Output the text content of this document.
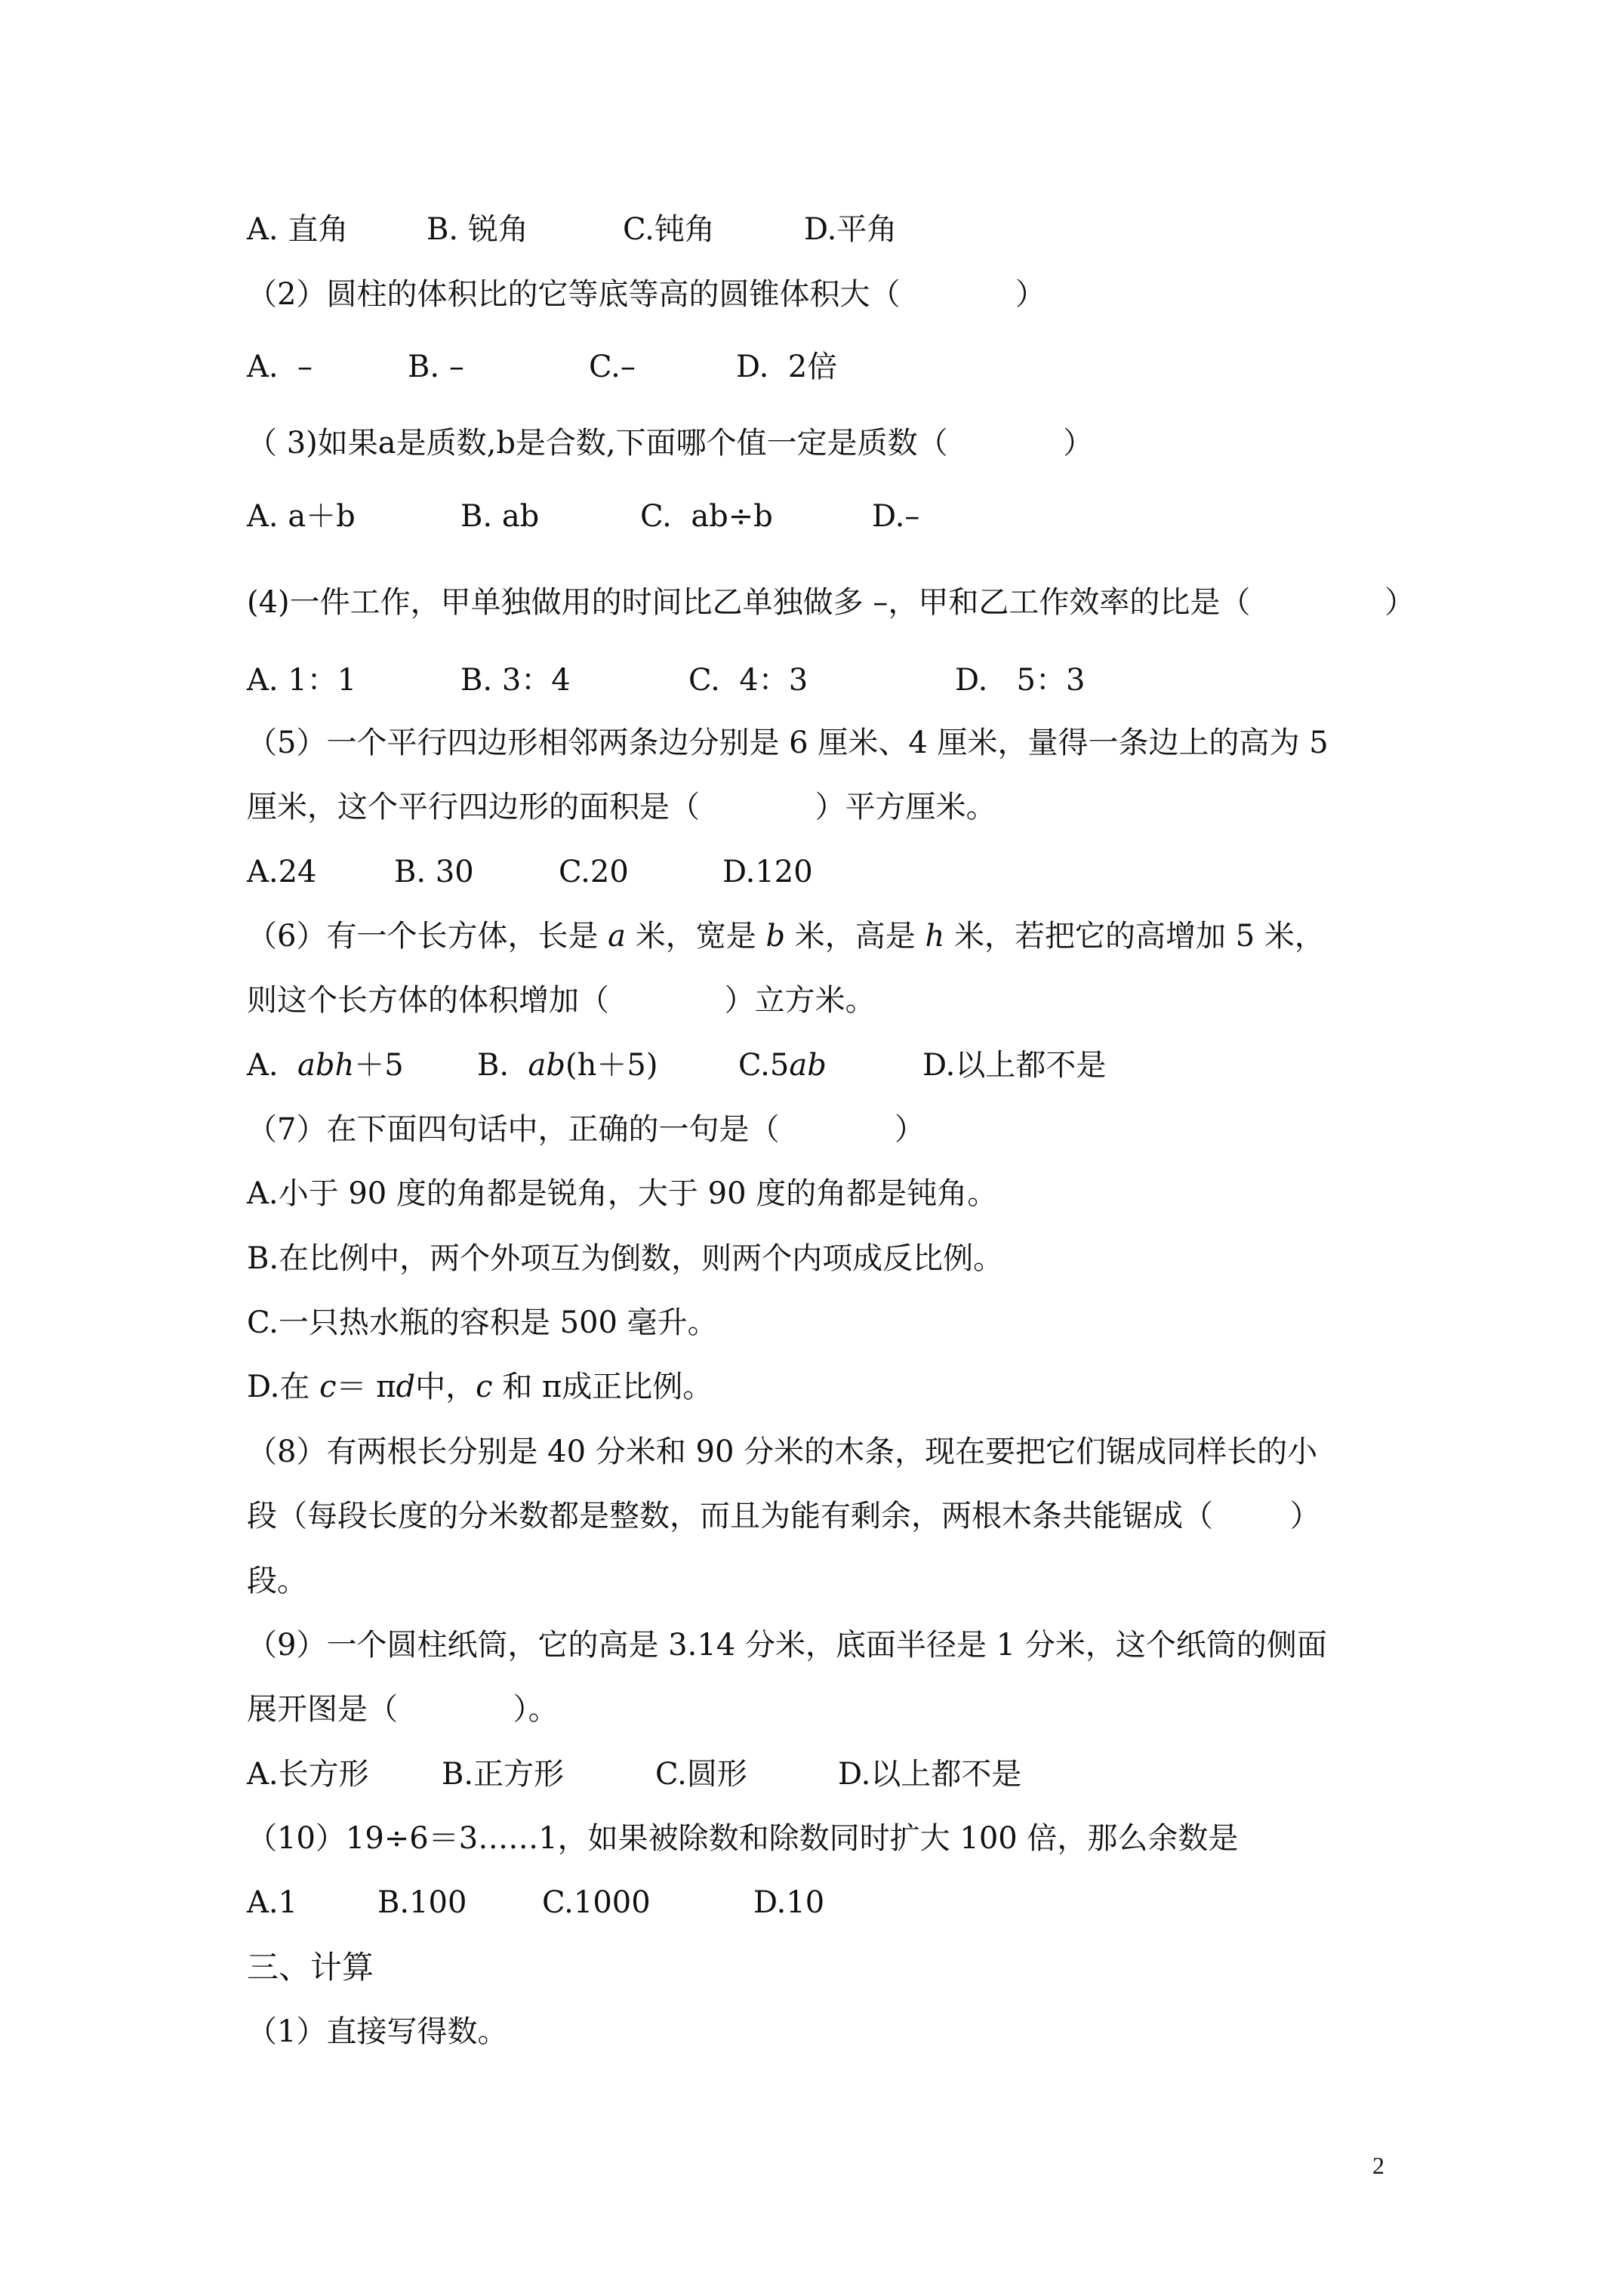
A. 直角	B. 锐角	C.钝角	D.平角
（2）圆柱的体积比的它等底等高的圆锥体积大（            ）
A.  –	B. –	C.–	D.  2倍
（ 3)如果a是质数,b是合数,下面哪个值一定是质数（            ）
A. a＋b	B. ab	C.  ab÷b	D.–
(4)一件工作，甲单独做用的时间比乙单独做多 –，甲和乙工作效率的比是（              ）
A. 1：1	B. 3：4	C.  4：3	D.   5：3
（5）一个平行四边形相邻两条边分别是 6 厘米、4 厘米，量得一条边上的高为 5
厘米，这个平行四边形的面积是（            ）平方厘米。
A.24	B. 30	C.20	D.120
（6）有一个长方体，长是 a 米，宽是 b 米，高是 h 米，若把它的高增加 5 米，
则这个长方体的体积增加（            ）立方米。
A.  abh＋5 B.  ab(h＋5)	C.5ab	D.以上都不是
（7）在下面四句话中，正确的一句是（            ）
A.小于 90 度的角都是锐角，大于 90 度的角都是钝角。
B.在比例中，两个外项互为倒数，则两个内项成反比例。
C.一只热水瓶的容积是 500 毫升。
D.在 c＝ πd中，c 和 π成正比例。
（8）有两根长分别是 40 分米和 90 分米的木条，现在要把它们锯成同样长的小
段（每段长度的分米数都是整数，而且为能有剩余，两根木条共能锯成（        ）
段。
（9）一个圆柱纸筒，它的高是 3.14 分米，底面半径是 1 分米，这个纸筒的侧面
展开图是（            ）。
A.长方形 B.正方形	C.圆形	D.以上都不是
（10）19÷6＝3……1，如果被除数和除数同时扩大 100 倍，那么余数是
A.1	B.100 C.1000	D.10
三、计算
（1）直接写得数。
2
